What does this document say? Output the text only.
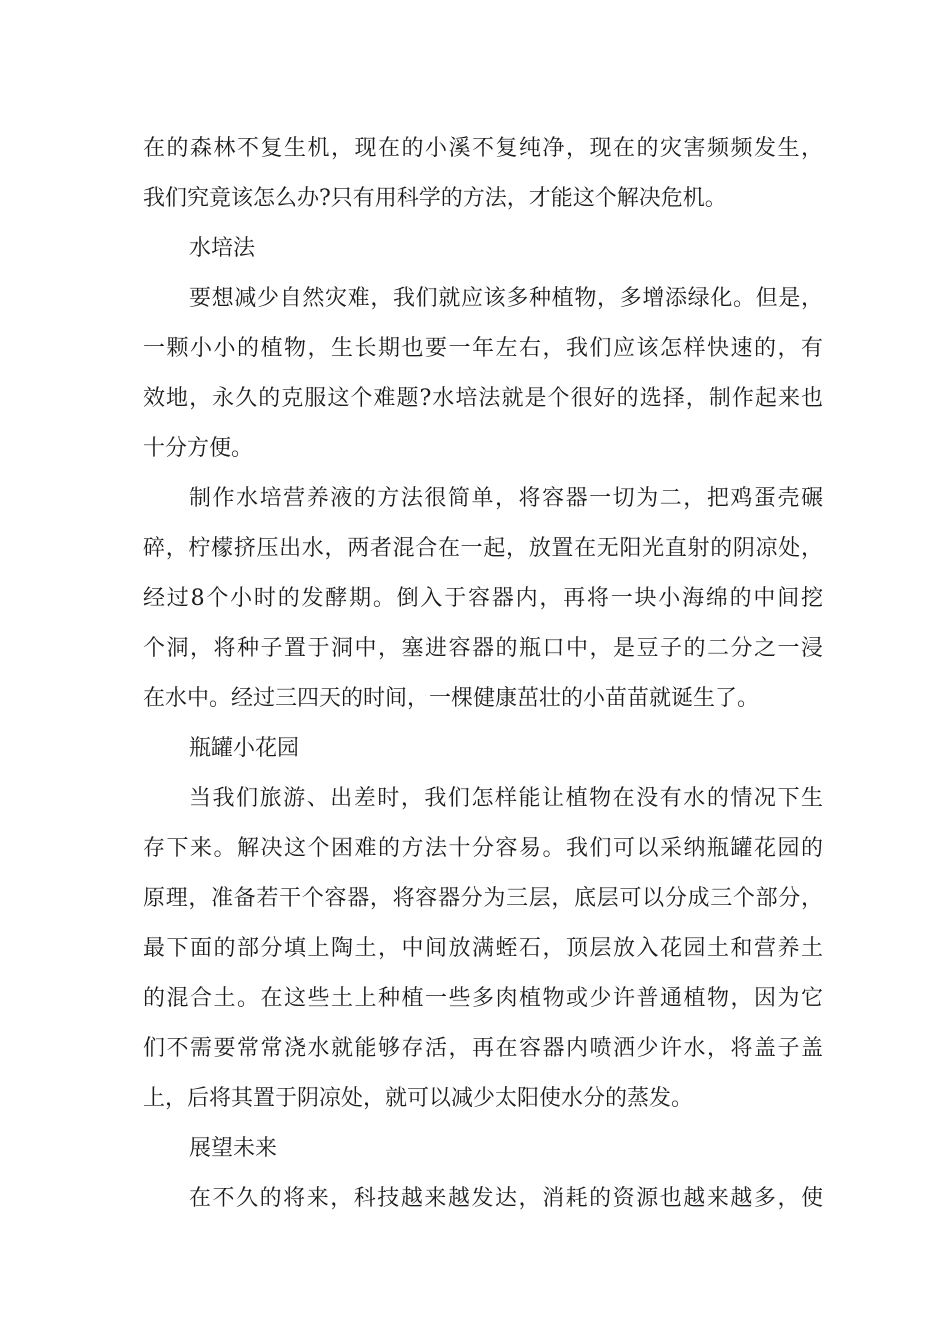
在的森林不复生机，现在的小溪不复纯净，现在的灾害频频发生，
我们究竟该怎么办?只有用科学的方法，才能这个解决危机。
水培法
要想减少自然灾难，我们就应该多种植物，多增添绿化。但是，
一颗小小的植物，生长期也要一年左右，我们应该怎样快速的，有
效地，永久的克服这个难题?水培法就是个很好的选择，制作起来也
十分方便。
制作水培营养液的方法很简单，将容器一切为二，把鸡蛋壳碾
碎，柠檬挤压出水，两者混合在一起，放置在无阳光直射的阴凉处，
经过8个小时的发酵期。倒入于容器内，再将一块小海绵的中间挖
个洞，将种子置于洞中，塞进容器的瓶口中，是豆子的二分之一浸
在水中。经过三四天的时间，一棵健康茁壮的小苗苗就诞生了。
瓶罐小花园
当我们旅游、出差时，我们怎样能让植物在没有水的情况下生
存下来。解决这个困难的方法十分容易。我们可以采纳瓶罐花园的
原理，准备若干个容器，将容器分为三层，底层可以分成三个部分，
最下面的部分填上陶土，中间放满蛭石，顶层放入花园土和营养土
的混合土。在这些土上种植一些多肉植物或少许普通植物，因为它
们不需要常常浇水就能够存活，再在容器内喷洒少许水，将盖子盖
上，后将其置于阴凉处，就可以减少太阳使水分的蒸发。
展望未来
在不久的将来，科技越来越发达，消耗的资源也越来越多，使
